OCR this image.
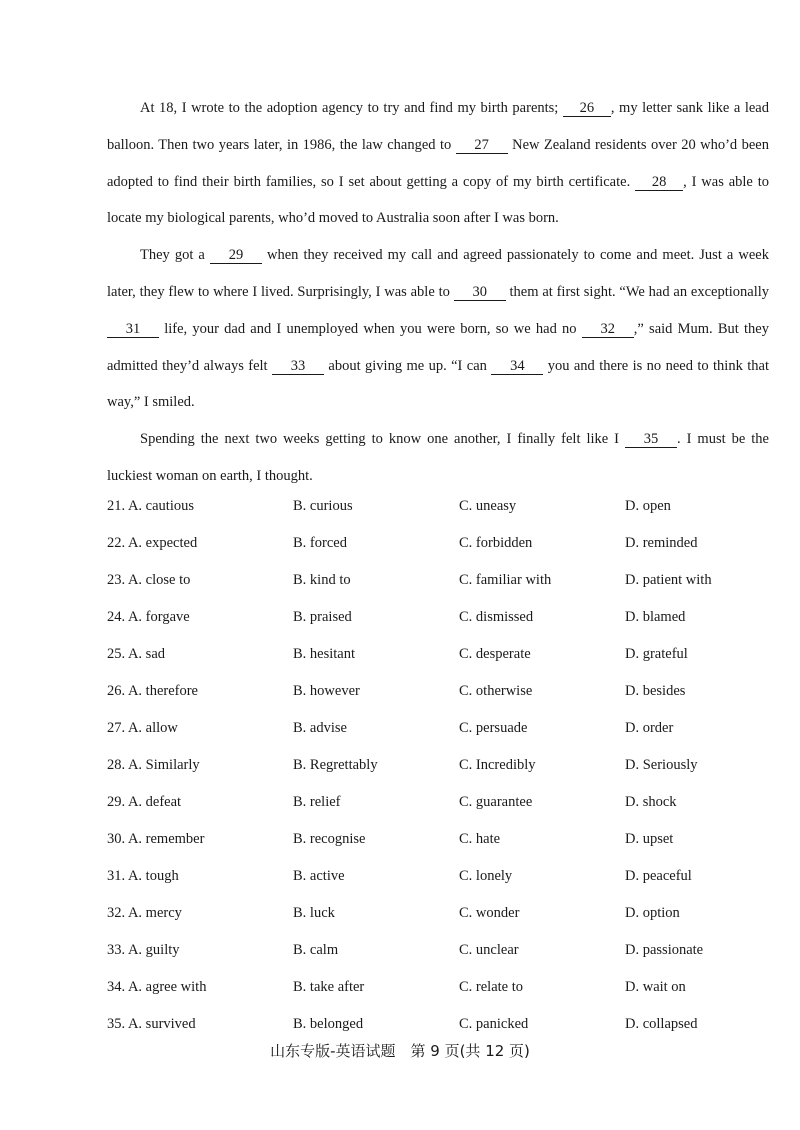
At 18, I wrote to the adoption agency to try and find my birth parents; 26 , my letter sank like a lead balloon. Then two years later, in 1986, the law changed to 27 New Zealand residents over 20 who’d been adopted to find their birth families, so I set about getting a copy of my birth certificate. 28 , I was able to locate my biological parents, who’d moved to Australia soon after I was born.

They got a 29 when they received my call and agreed passionately to come and meet. Just a week later, they flew to where I lived. Surprisingly, I was able to 30 them at first sight. “We had an exceptionally 31 life, your dad and I unemployed when you were born, so we had no 32 ,” said Mum. But they admitted they’d always felt 33 about giving me up. “I can 34 you and there is no need to think that way,” I smiled.

Spending the next two weeks getting to know one another, I finally felt like I 35 . I must be the luckiest woman on earth, I thought.

21. A. cautious	B. curious	C. uneasy	D. open
22. A. expected	B. forced	C. forbidden	D. reminded
23. A. close to	B. kind to	C. familiar with	D. patient with
24. A. forgave	B. praised	C. dismissed	D. blamed
25. A. sad	B. hesitant	C. desperate	D. grateful
26. A. therefore	B. however	C. otherwise	D. besides
27. A. allow	B. advise	C. persuade	D. order
28. A. Similarly	B. Regrettably	C. Incredibly	D. Seriously
29. A. defeat	B. relief	C. guarantee	D. shock
30. A. remember	B. recognise	C. hate	D. upset
31. A. tough	B. active	C. lonely	D. peaceful
32. A. mercy	B. luck	C. wonder	D. option
33. A. guilty	B. calm	C. unclear	D. passionate
34. A. agree with	B. take after	C. relate to	D. wait on
35. A. survived	B. belonged	C. panicked	D. collapsed
山东专版-英语试题　第 9 页(共 12 页)
